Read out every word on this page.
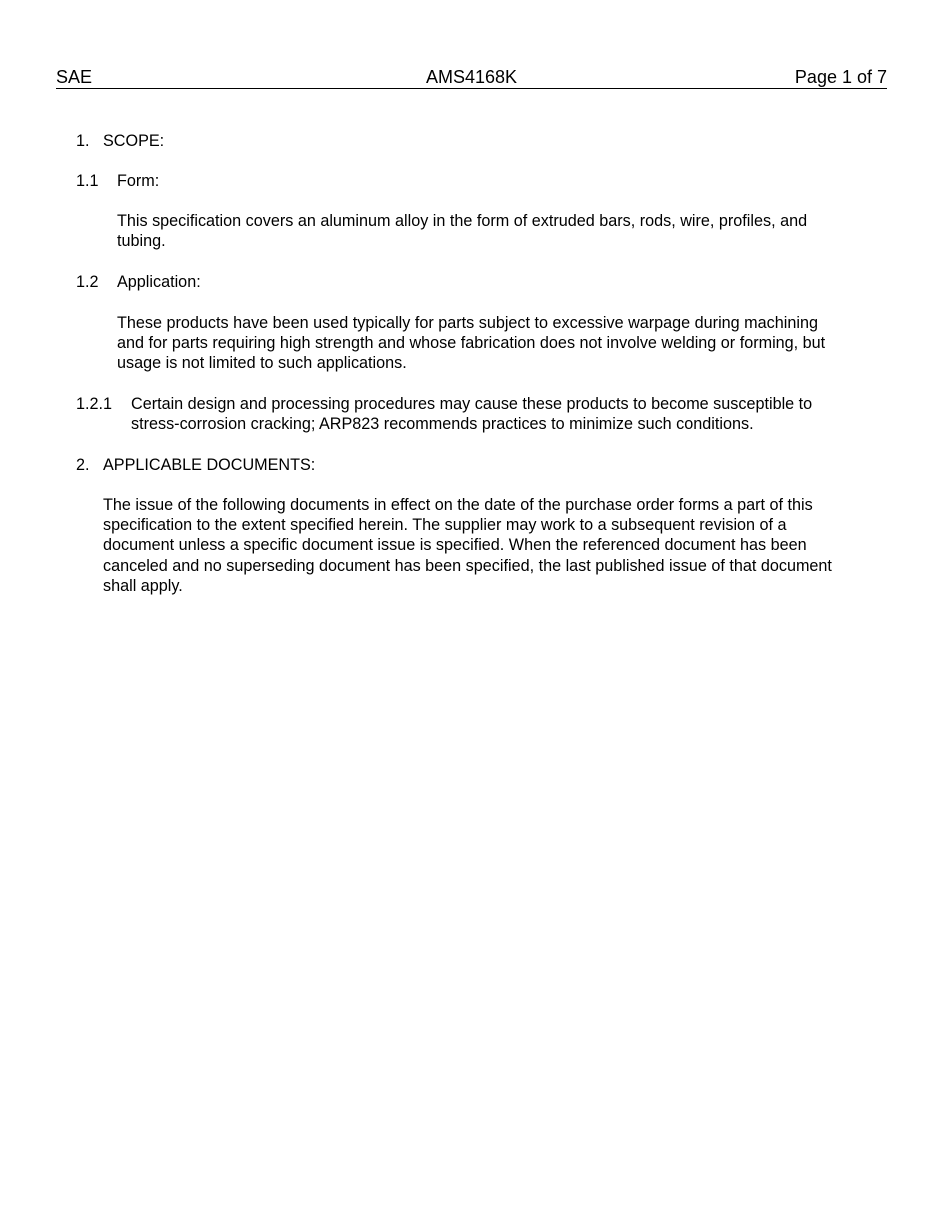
SAE	AMS4168K	Page 1 of 7
1. SCOPE:
1.1 Form:
This specification covers an aluminum alloy in the form of extruded bars, rods, wire, profiles, and
tubing.
1.2 Application:
These products have been used typically for parts subject to excessive warpage during machining
and for parts requiring high strength and whose fabrication does not involve welding or forming, but
usage is not limited to such applications.
1.2.1 Certain design and processing procedures may cause these products to become susceptible to
stress-corrosion cracking; ARP823 recommends practices to minimize such conditions.
2. APPLICABLE DOCUMENTS:
The issue of the following documents in effect on the date of the purchase order forms a part of this
specification to the extent specified herein. The supplier may work to a subsequent revision of a
document unless a specific document issue is specified. When the referenced document has been
canceled and no superseding document has been specified, the last published issue of that document
shall apply.
